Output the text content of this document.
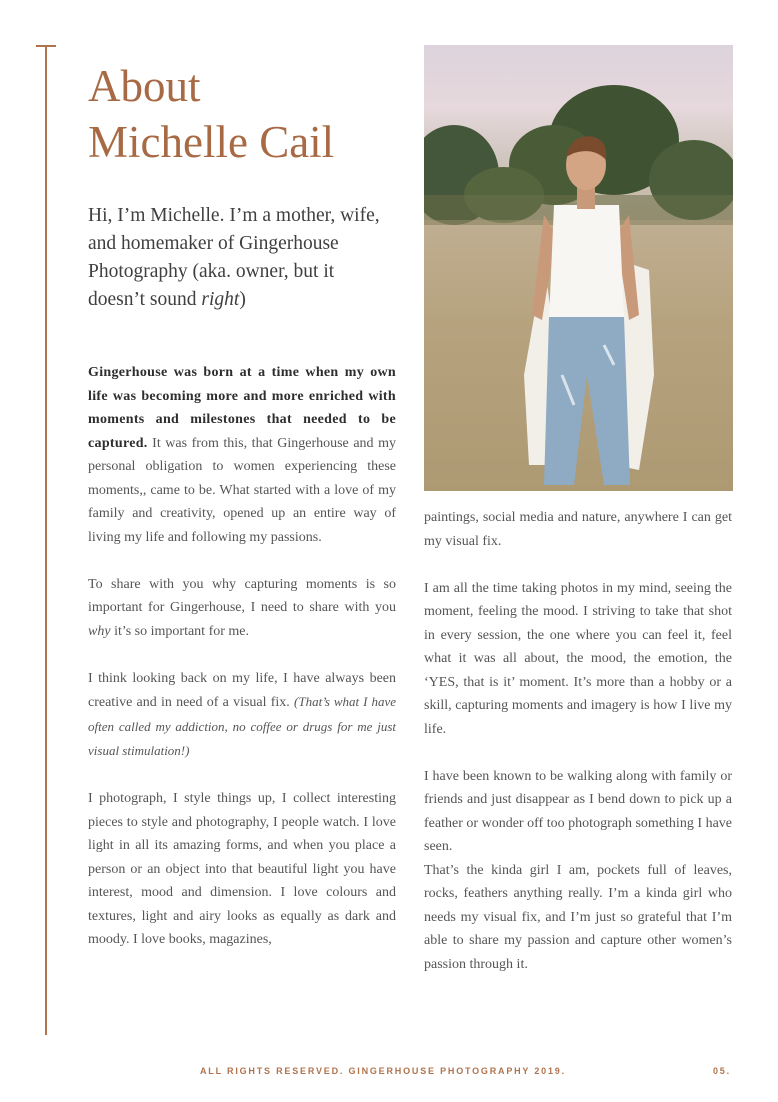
About
Michelle Cail

Hi, I’m Michelle. I’m a mother, wife, and homemaker of Gingerhouse Photography (aka. owner, but it doesn’t sound right)

Gingerhouse was born at a time when my own life was becoming more and more enriched with moments and milestones that needed to be captured. It was from this, that Gingerhouse and my personal obligation to women experiencing these moments,, came to be. What started with a love of my family and creativity, opened up an entire way of living my life and following my passions.

To share with you why capturing moments is so important for Gingerhouse, I need to share with you why it’s so important for me.

I think looking back on my life, I have always been creative and in need of a visual fix. (That’s what I have often called my addiction, no coffee or drugs for me just visual stimulation!)

I photograph, I style things up, I collect interesting pieces to style and photography, I people watch. I love light in all its amazing forms, and when you place a person or an object into that beautiful light you have interest, mood and dimension. I love colours and textures, light and airy looks as equally as dark and moody. I love books, magazines,

paintings, social media and nature, anywhere I can get my visual fix.

I am all the time taking photos in my mind, seeing the moment, feeling the mood. I striving to take that shot in every session, the one where you can feel it, feel what it was all about, the mood, the emotion, the ‘YES, that is it’ moment. It’s more than a hobby or a skill, capturing moments and imagery is how I live my life.

I have been known to be walking along with family or friends and just disappear as I bend down to pick up a feather or wonder off too photograph something I have seen.
That’s the kinda girl I am, pockets full of leaves, rocks, feathers anything really. I’m a kinda girl who needs my visual fix, and I’m just so grateful that I’m able to share my passion and capture other women’s passion through it.

ALL RIGHTS RESERVED. GINGERHOUSE PHOTOGRAPHY 2019.	05.
